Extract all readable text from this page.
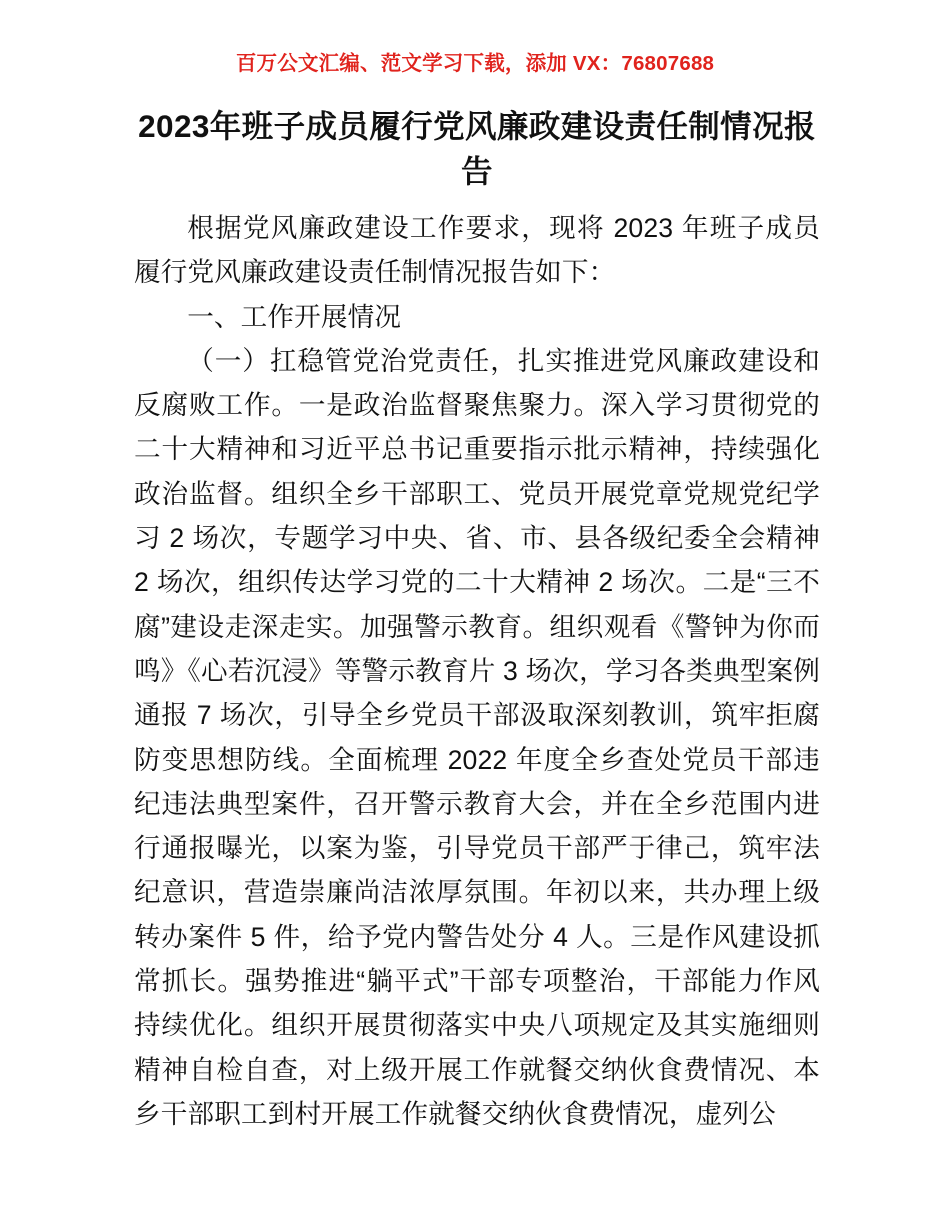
百万公文汇编、范文学习下载，添加 VX：76807688
2023年班子成员履行党风廉政建设责任制情况报告

根据党风廉政建设工作要求，现将 2023 年班子成员履行党风廉政建设责任制情况报告如下：

一、工作开展情况

（一）扛稳管党治党责任，扎实推进党风廉政建设和反腐败工作。一是政治监督聚焦聚力。深入学习贯彻党的二十大精神和习近平总书记重要指示批示精神，持续强化政治监督。组织全乡干部职工、党员开展党章党规党纪学习 2 场次，专题学习中央、省、市、县各级纪委全会精神 2 场次，组织传达学习党的二十大精神 2 场次。二是“三不腐”建设走深走实。加强警示教育。组织观看《警钟为你而鸣》《心若沉浸》等警示教育片 3 场次，学习各类典型案例通报 7 场次，引导全乡党员干部汲取深刻教训，筑牢拒腐防变思想防线。全面梳理 2022 年度全乡查处党员干部违纪违法典型案件，召开警示教育大会，并在全乡范围内进行通报曝光，以案为鉴，引导党员干部严于律己，筑牢法纪意识，营造崇廉尚洁浓厚氛围。年初以来，共办理上级转办案件 5 件，给予党内警告处分 4 人。三是作风建设抓常抓长。强势推进“躺平式”干部专项整治，干部能力作风持续优化。组织开展贯彻落实中央八项规定及其实施细则精神自检自查，对上级开展工作就餐交纳伙食费情况、本乡干部职工到村开展工作就餐交纳伙食费情况，虚列公
